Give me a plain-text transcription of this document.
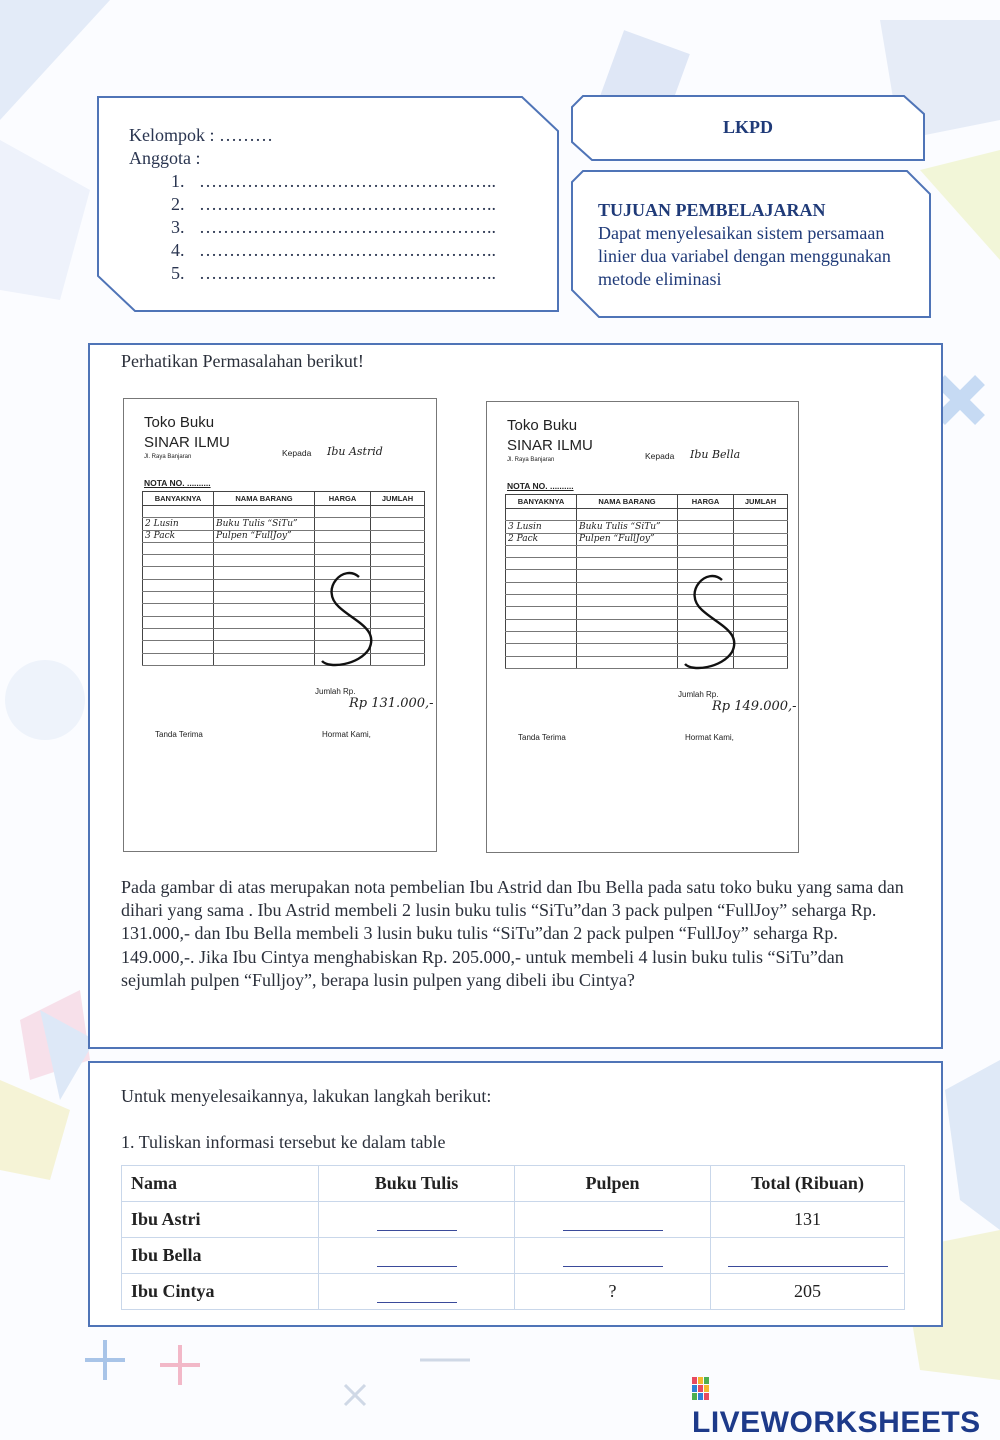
Kelompok : ………
Anggota :
1. …………………………………………..
2. …………………………………………..
3. …………………………………………..
4. …………………………………………..
5. …………………………………………..
LKPD
TUJUAN PEMBELAJARAN
Dapat menyelesaikan sistem persamaan linier dua variabel dengan menggunakan metode eliminasi
Perhatikan Permasalahan berikut!
Toko Buku
SINAR ILMU
Jl. Raya Banjaran	Kepada Ibu Astrid
NOTA NO. ..........
BANYAKNYA	NAMA BARANG	HARGA	JUMLAH

2 Lusin	Buku Tulis “SiTu”		
3 Pack	Pulpen “FullJoy”		

Jumlah Rp.
Rp 131.000,-
Tanda Terima	Hormat Kami,
Toko Buku
SINAR ILMU
Jl. Raya Banjaran	Kepada Ibu Bella
NOTA NO. ..........
BANYAKNYA	NAMA BARANG	HARGA	JUMLAH

3 Lusin	Buku Tulis “SiTu”		
2 Pack	Pulpen “FullJoy”		

Jumlah Rp.
Rp 149.000,-
Tanda Terima	Hormat Kami,
Pada gambar di atas merupakan nota pembelian Ibu Astrid dan Ibu Bella pada satu toko buku yang sama dan dihari yang sama . Ibu Astrid membeli 2 lusin buku tulis “SiTu”dan 3 pack pulpen “FullJoy” seharga Rp. 131.000,- dan Ibu Bella membeli 3 lusin buku tulis “SiTu”dan 2 pack pulpen “FullJoy” seharga Rp. 149.000,-. Jika Ibu Cintya menghabiskan Rp. 205.000,- untuk membeli 4 lusin buku tulis “SiTu”dan sejumlah pulpen “Fulljoy”, berapa lusin pulpen yang dibeli ibu Cintya?
Untuk menyelesaikannya, lakukan langkah berikut:
1. Tuliskan informasi tersebut ke dalam table
Nama	Buku Tulis	Pulpen	Total (Ribuan)
Ibu Astri			131
Ibu Bella			
Ibu Cintya		?	205
LIVEWORKSHEETS
